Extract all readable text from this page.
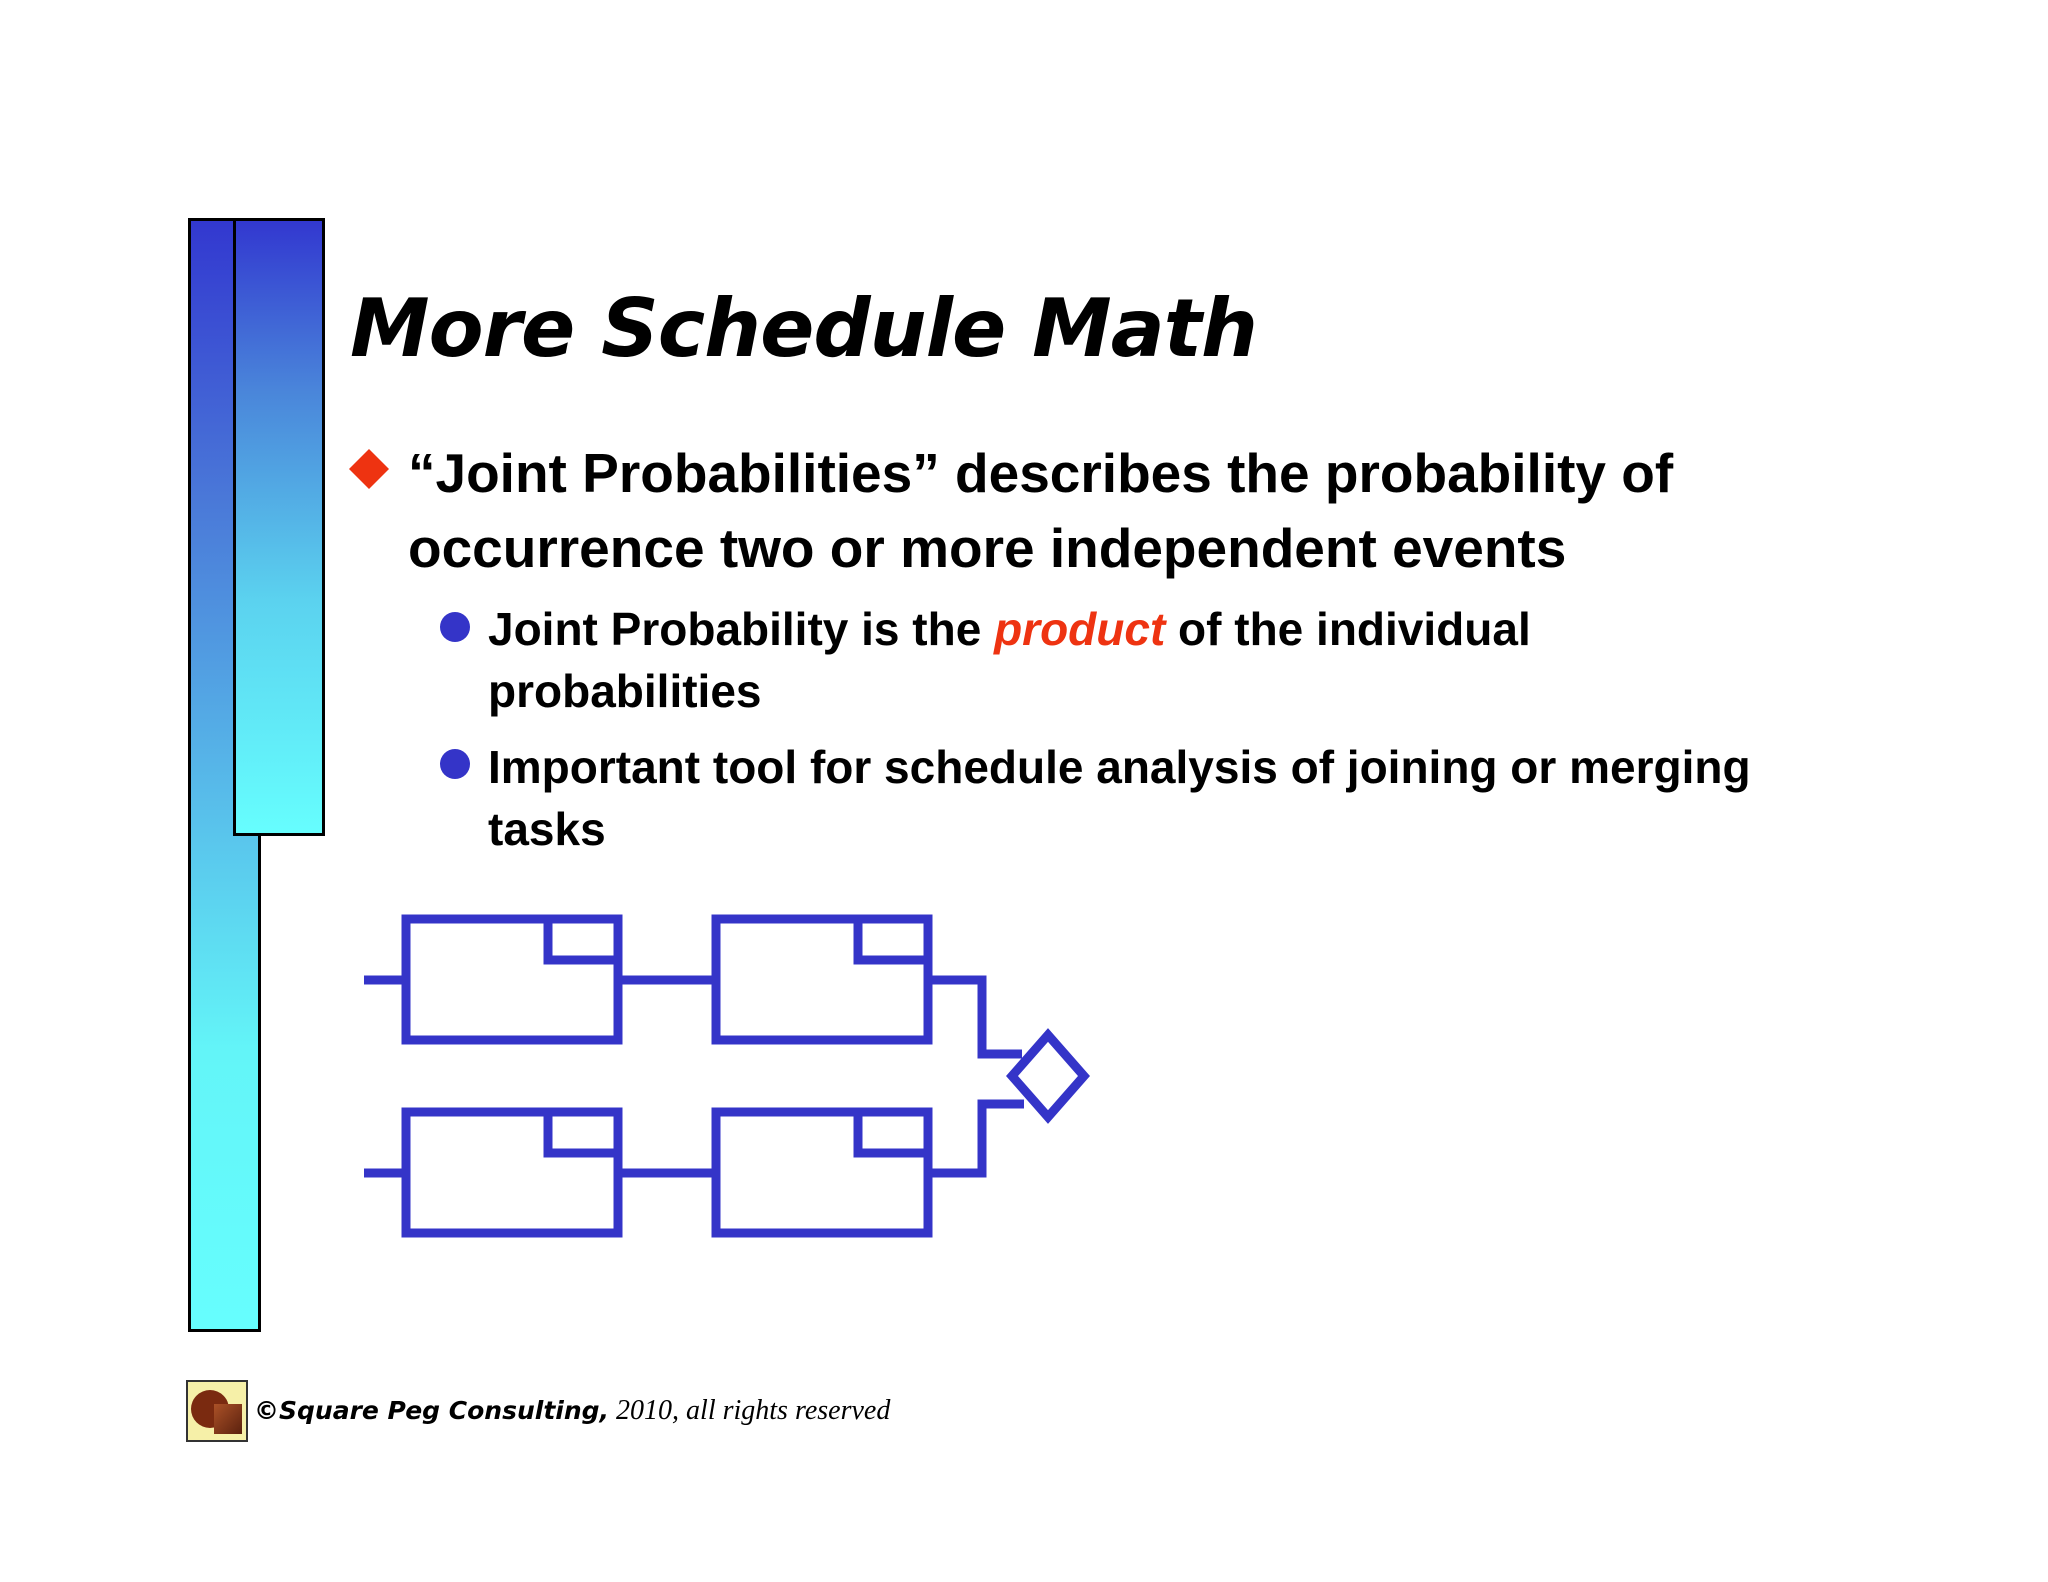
More Schedule Math
“Joint Probabilities” describes the probability of occurrence two or more independent events
Joint Probability is the product of the individual probabilities
Important tool for schedule analysis of joining or merging tasks
©Square Peg Consulting, 2010, all rights reserved
